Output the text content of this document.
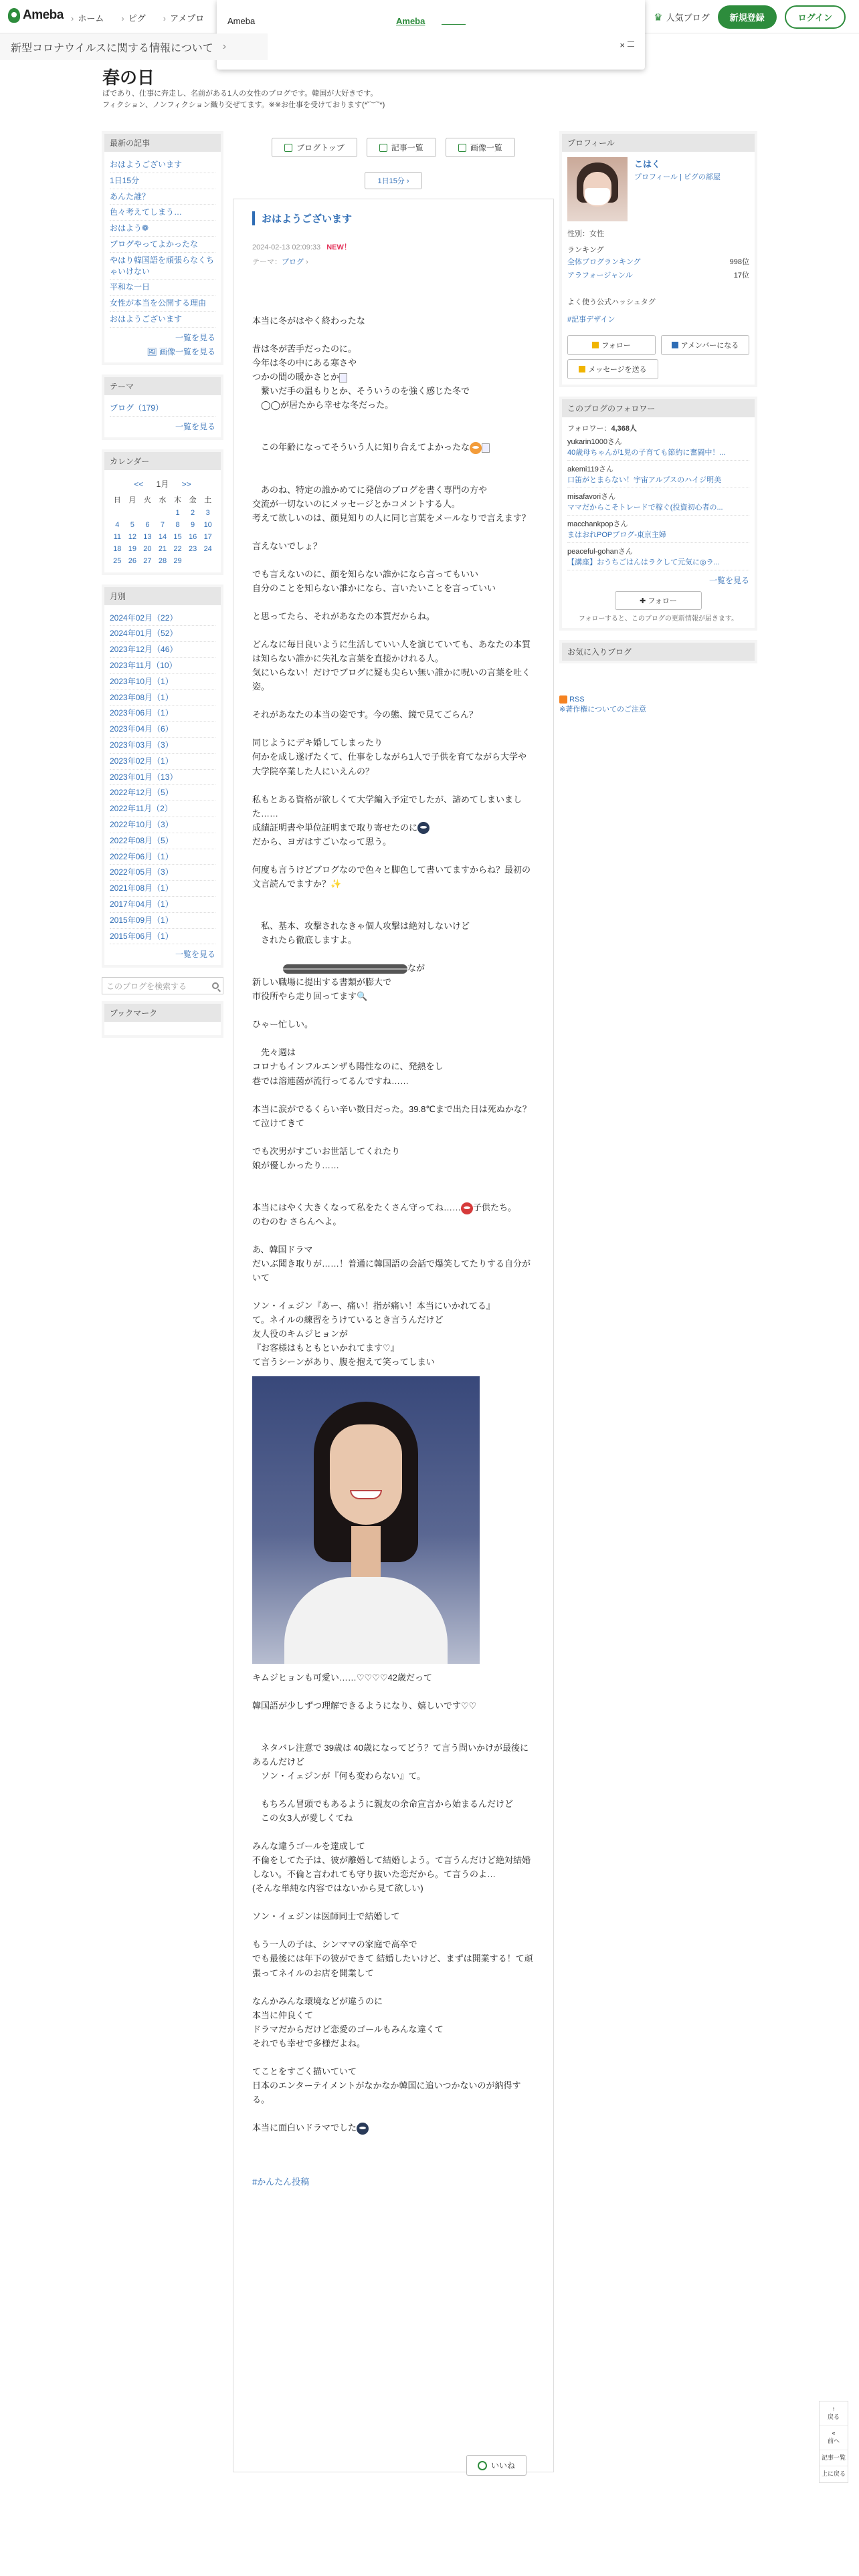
Ameba	› ホーム	› ピグ	› アメプロ	♛ 人気ブログ	新規登録	ログイン
Ameba	Ameba
×
新型コロナウイルスに関する情報について ›
春の日
ばであり、仕事に奔走し、名前がある1人の女性のブログです。韓国が大好きです。
フィクション、ノンフィクション織り交ぜてます。※※お仕事を受けております(*˘︶˘*)
最新の記事
おはようございます
1日15分
あんた誰？
色々考えてしまう…
おはよう❁
ブログやってよかったな
やはり韓国語を頑張らなくちゃいけない
平和な一日
女性が本当を公開する理由
おはようございます
一覧を見る
🖼 画像一覧を見る
テーマ
ブログ（179）
一覧を見る
カレンダー
<< 1月 >>
日	月	火	水	木	金	土
				1	2	3
4	5	6	7	8	9	10
11	12	13	14	15	16	17
18	19	20	21	22	23	24
25	26	27	28	29		
月別
2024年02月（22）
2024年01月（52）
2023年12月（46）
2023年11月（10）
2023年10月（1）
2023年08月（1）
2023年06月（1）
2023年04月（6）
2023年03月（3）
2023年02月（1）
2023年01月（13）
2022年12月（5）
2022年11月（2）
2022年10月（3）
2022年08月（5）
2022年06月（1）
2022年05月（3）
2021年08月（1）
2017年04月（1）
2015年09月（1）
2015年06月（1）
一覧を見る
このブログを検索する
ブックマーク
ブログトップ	記事一覧	画像一覧
1日15分 ›
おはようございます
2024-02-13 02:09:33 NEW！
テーマ：ブログ ›
本当に冬がはやく終わったな

昔は冬が苦手だったのに。
今年は冬の中にある寒さや
つかの間の暖かさとか
　繋いだ手の温もりとか、そういうのを強く感じた冬で
　◯◯が居たから幸せな冬だった。

　この年齢になってそういう人に知り合えてよかったな

　あのね、特定の誰かめてに発信のブログを書く専門の方や
交流が一切ないのにメッセージとかコメントする人。
考えて欲しいのは、顔見知りの人に同じ言葉をメールなりで言えます？

言えないでしょ？

でも言えないのに、顔を知らない誰かになら言ってもいい
自分のことを知らない誰かになら、言いたいことを言っていい

と思ってたら、それがあなたの本質だからね。

どんなに毎日良いように生活していい人を演じていても、あなたの本質は知らない誰かに失礼な言葉を直接かけれる人。
気にいらない！だけでブログに疑も尖らい無い誰かに呪いの言葉を吐く姿。

それがあなたの本当の姿です。今の態、鏡で見てごらん？

同じようにデキ婚してしまったり
何かを成し遂げたくて、仕事をしながら1人で子供を育てながら大学や大学院卒業した人にいえんの？

私もとある資格が欲しくて大学編入予定でしたが、諦めてしまいました……
成績証明書や単位証明まで取り寄せたのに
だから、ヨガはすごいなって思う。

何度も言うけどブログなので色々と脚色して書いてますからね？最初の文言読んでますか？✨

　私、基本、攻撃されなきゃ個人攻撃は絶対しないけど
　されたら徹底しますよ。

なが
新しい職場に提出する書類が膨大で
市役所やら走り回ってます🔍

ひゃー忙しい。

　先々週は
コロナもインフルエンザも陽性なのに、発熱をし
巷では溶連菌が流行ってるんですね……

本当に涙がでるくらい辛い数日だった。39.8℃まで出た日は死ぬかな？て泣けてきて

でも次男がすごいお世話してくれたり
娘が優しかったり……

本当にはやく大きくなって私をたくさん守ってね…… 子供たち。
のむのむ さらんへよ。

あ、韓国ドラマ
だいぶ聞き取りが……！普通に韓国語の会話で爆笑してたりする自分がいて

ソン・イェジン『あー、痛い！指が痛い！本当にいかれてる』
て。ネイルの練習をうけているとき言うんだけど
友人役のキムジヒョンが
『お客様はもともといかれてます♡』
て言うシーンがあり、腹を抱えて笑ってしまい

キムジヒョンも可愛い……♡♡♡♡42歳だって

韓国語が少しずつ理解できるようになり、嬉しいです♡♡

　ネタバレ注意で 39歳は 40歳になってどう？て言う問いかけが最後にあるんだけど
　ソン・イェジンが『何も変わらない』て。

　もちろん冒頭でもあるように親友の余命宣言から始まるんだけど
　この女3人が愛しくてね

みんな違うゴールを達成して
不倫をしてた子は、彼が離婚して結婚しよう。て言うんだけど絶対結婚しない。不倫と言われても守り抜いた恋だから。て言うのよ…
(そんな単純な内容ではないから見て欲しい)

ソン・イェジンは医師同士で結婚して

もう一人の子は、シンママの家庭で高卒で
でも最後には年下の彼ができて 結婚したいけど、まずは開業する！て頑張ってネイルのお店を開業して

なんかみんな環境などが違うのに
本当に仲良くて
ドラマだからだけど恋愛のゴールもみんな違くて
それでも幸せで多様だよね。

てことをすごく描いていて
日本のエンターテイメントがなかなか韓国に追いつかないのが納得する。

本当に面白いドラマでした
#かんたん投稿
いいね
プロフィール
こはく
プロフィール | ピグの部屋
性別：女性
ランキング
全体ブログランキング	998位
アラフォージャンル	17位
よく使う公式ハッシュタグ
#記事デザイン
フォロー	アメンバーになる
メッセージを送る
このブログのフォロワー
フォロワー：4,368人
yukarin1000さん
40歳母ちゃんが1児の子育ても節約に奮闘中！...
akemi119さん
口笛がとまらない！宇宙アルプスのハイジ明美
misafavoriさん
ママだからこそトレードで稼ぐ(投資初心者の...
macchankpopさん
まはおれPOPブログ-東京主婦
peaceful-gohanさん
【講座】おうちごはんはラクして元気に◎ラ...
一覧を見る
✚ フォロー
フォローすると、このブログの更新情報が届きます。
お気に入りブログ
RSS
※著作権についてのご注意
↑
戻る
«
前へ
記事一覧
上に戻る
